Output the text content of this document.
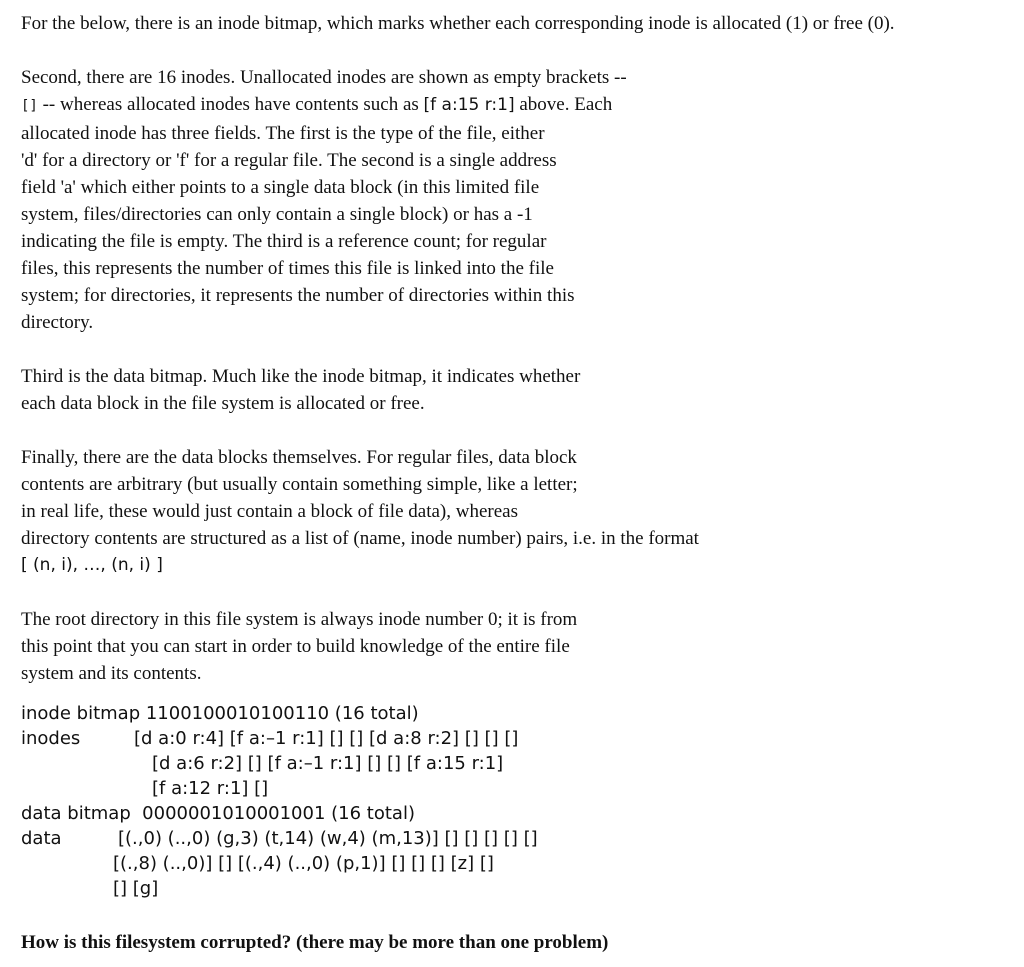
For the below, there is an inode bitmap, which marks whether each corresponding inode is allocated (1) or free (0).

Second, there are 16 inodes. Unallocated inodes are shown as empty brackets --
[] -- whereas allocated inodes have contents such as [f a:15 r:1] above. Each
allocated inode has three fields. The first is the type of the file, either
'd' for a directory or 'f' for a regular file. The second is a single address
field 'a' which either points to a single data block (in this limited file
system, files/directories can only contain a single block) or has a -1
indicating the file is empty. The third is a reference count; for regular
files, this represents the number of times this file is linked into the file
system; for directories, it represents the number of directories within this
directory.

Third is the data bitmap. Much like the inode bitmap, it indicates whether
each data block in the file system is allocated or free.

Finally, there are the data blocks themselves. For regular files, data block
contents are arbitrary (but usually contain something simple, like a letter;
in real life, these would just contain a block of file data), whereas
directory contents are structured as a list of (name, inode number) pairs, i.e. in the format
[ (n, i), …, (n, i) ]

The root directory in this file system is always inode number 0; it is from
this point that you can start in order to build knowledge of the entire file
system and its contents.

inode bitmap 1100100010100110 (16 total)
inodes	[d a:0 r:4] [f a:–1 r:1] [] [] [d a:8 r:2] [] [] []
[d a:6 r:2] [] [f a:–1 r:1] [] [] [f a:15 r:1]
[f a:12 r:1] []
data bitmap  0000001010001001 (16 total)
data	[(.,0) (..,0) (g,3) (t,14) (w,4) (m,13)] [] [] [] [] []
[(.,8) (..,0)] [] [(.,4) (..,0) (p,1)] [] [] [] [z] []
[] [g]
How is this filesystem corrupted? (there may be more than one problem)
